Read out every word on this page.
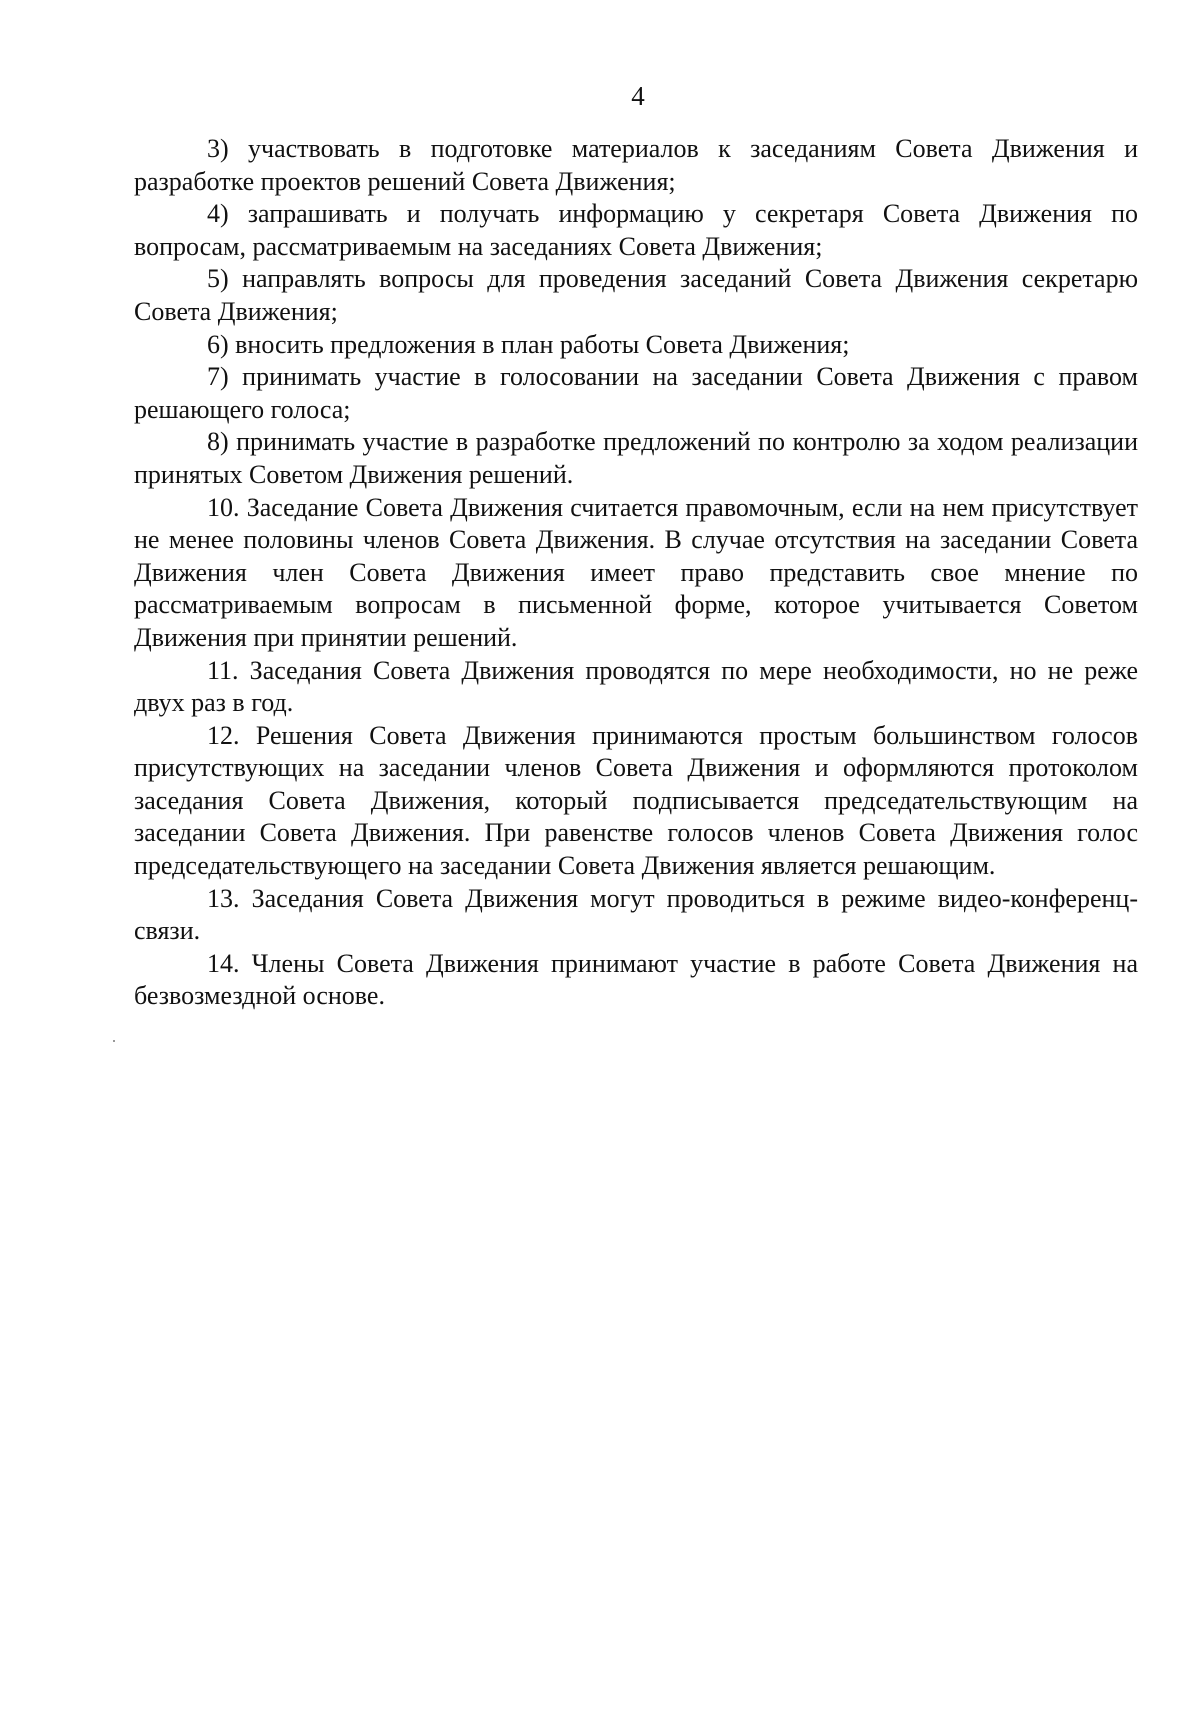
4

3) участвовать в подготовке материалов к заседаниям Совета Движения и разработке проектов решений Совета Движения;

4) запрашивать и получать информацию у секретаря Совета Движения по вопросам, рассматриваемым на заседаниях Совета Движения;

5) направлять вопросы для проведения заседаний Совета Движения секретарю Совета Движения;

6) вносить предложения в план работы Совета Движения;

7) принимать участие в голосовании на заседании Совета Движения с правом решающего голоса;

8) принимать участие в разработке предложений по контролю за ходом реализации принятых Советом Движения решений.

10. Заседание Совета Движения считается правомочным, если на нем присутствует не менее половины членов Совета Движения. В случае отсутствия на заседании Совета Движения член Совета Движения имеет право представить свое мнение по рассматриваемым вопросам в письменной форме, которое учитывается Советом Движения при принятии решений.

11. Заседания Совета Движения проводятся по мере необходимости, но не реже двух раз в год.

12. Решения Совета Движения принимаются простым большинством голосов присутствующих на заседании членов Совета Движения и оформляются протоколом заседания Совета Движения, который подписывается председательствующим на заседании Совета Движения. При равенстве голосов членов Совета Движения голос председательствующего на заседании Совета Движения является решающим.

13. Заседания Совета Движения могут проводиться в режиме видео-конференц-связи.

14. Члены Совета Движения принимают участие в работе Совета Движения на безвозмездной основе.
